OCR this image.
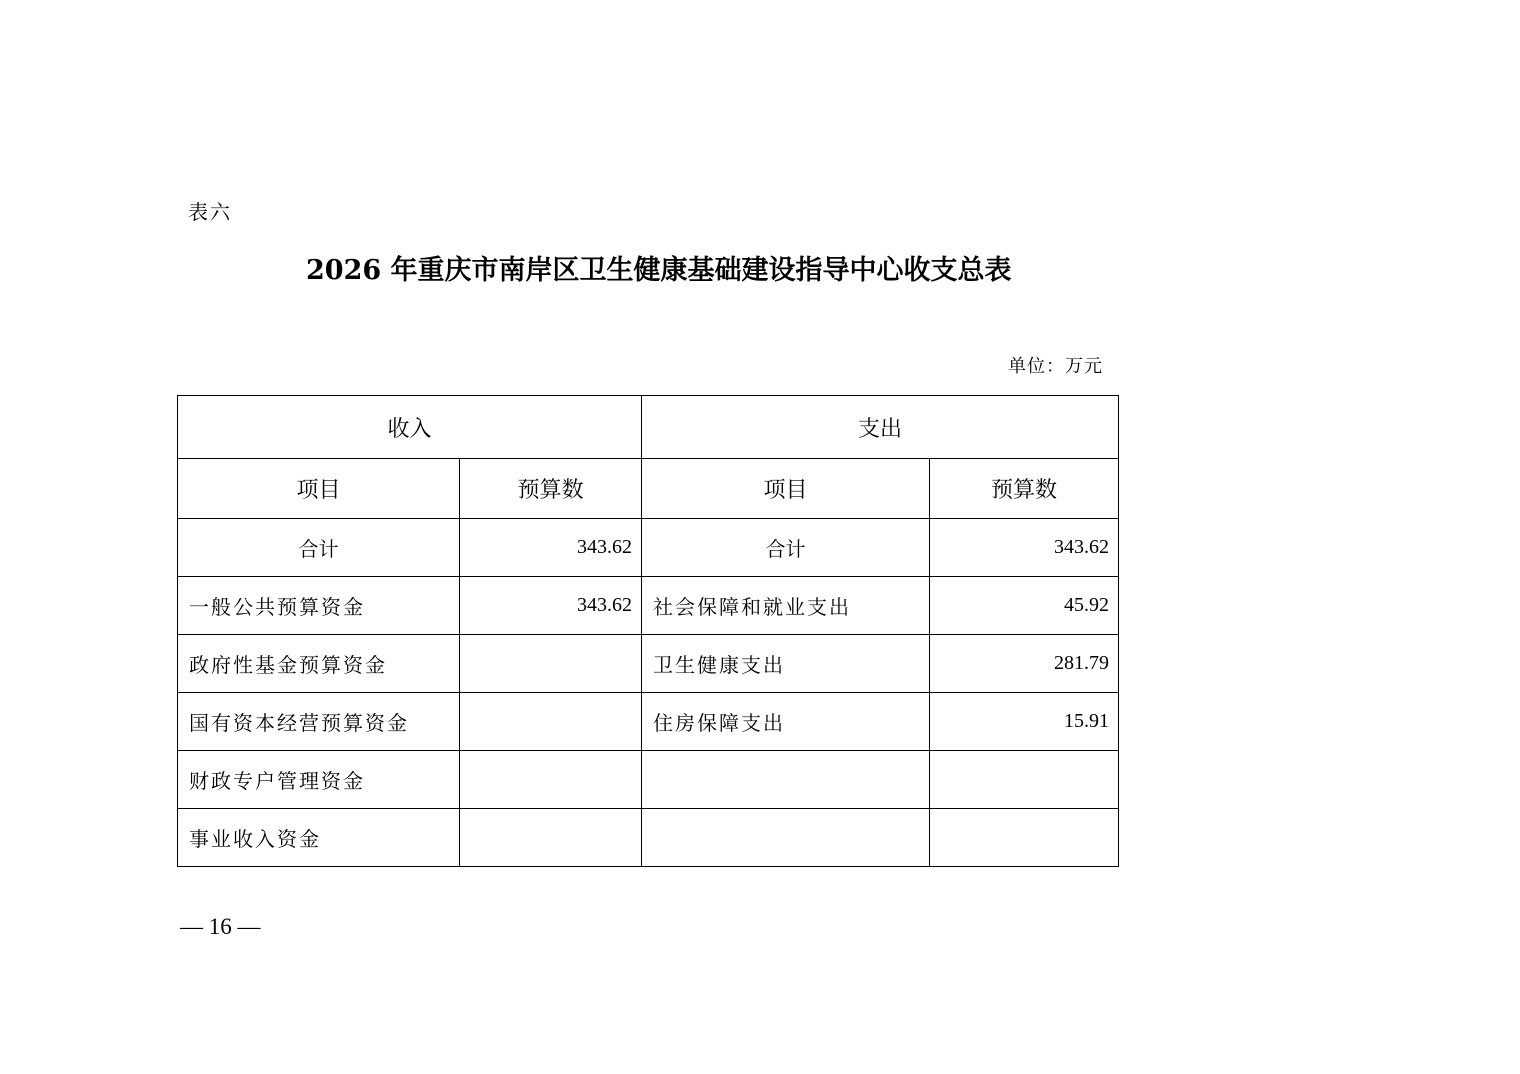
表六
2026 年重庆市南岸区卫生健康基础建设指导中心收支总表
单位：万元
收入		支出	
项目	预算数	项目	预算数
合计	343.62	合计	343.62
一般公共预算资金	343.62	社会保障和就业支出	45.92
政府性基金预算资金		卫生健康支出	281.79
国有资本经营预算资金		住房保障支出	15.91
财政专户管理资金			
事业收入资金			
— 16 —
